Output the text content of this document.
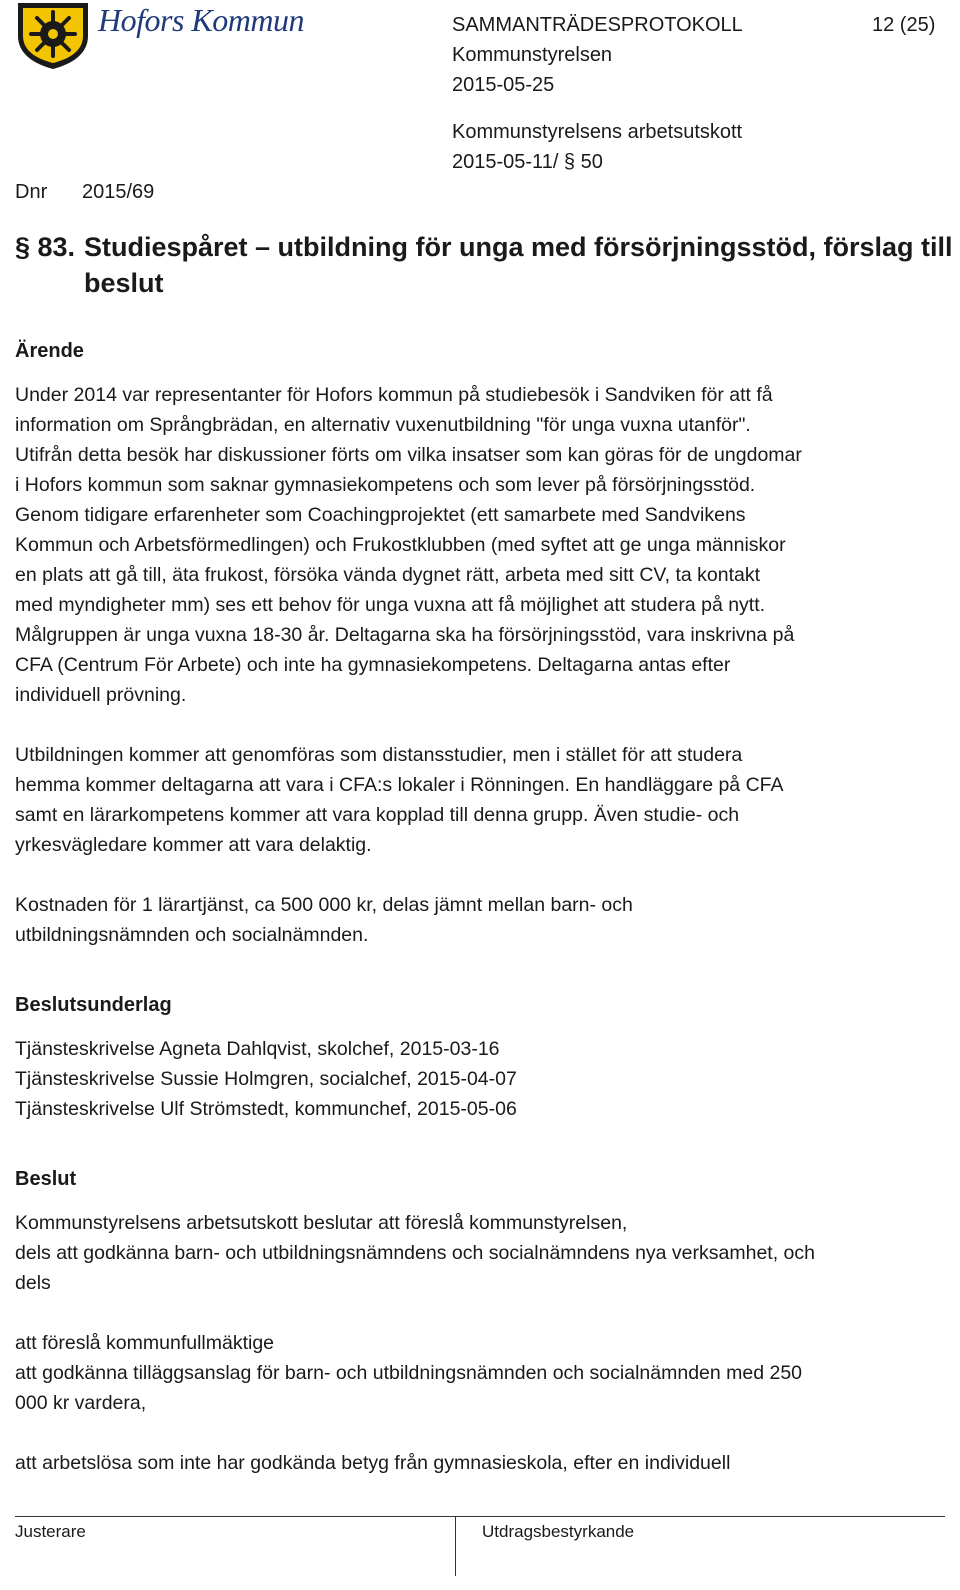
Hofors Kommun	SAMMANTRÄDESPROTOKOLL	12 (25)
Kommunstyrelsen
2015-05-25
Kommunstyrelsens arbetsutskott
2015-05-11/ § 50
Dnr 2015/69
§ 83. Studiespåret – utbildning för unga med försörjningsstöd, förslag till
beslut
Ärende
Under 2014 var representanter för Hofors kommun på studiebesök i Sandviken för att få
information om Språngbrädan, en alternativ vuxenutbildning "för unga vuxna utanför".
Utifrån detta besök har diskussioner förts om vilka insatser som kan göras för de ungdomar
i Hofors kommun som saknar gymnasiekompetens och som lever på försörjningsstöd.
Genom tidigare erfarenheter som Coachingprojektet (ett samarbete med Sandvikens
Kommun och Arbetsförmedlingen) och Frukostklubben (med syftet att ge unga människor
en plats att gå till, äta frukost, försöka vända dygnet rätt, arbeta med sitt CV, ta kontakt
med myndigheter mm) ses ett behov för unga vuxna att få möjlighet att studera på nytt.
Målgruppen är unga vuxna 18-30 år. Deltagarna ska ha försörjningsstöd, vara inskrivna på
CFA (Centrum För Arbete) och inte ha gymnasiekompetens. Deltagarna antas efter
individuell prövning.
Utbildningen kommer att genomföras som distansstudier, men i stället för att studera
hemma kommer deltagarna att vara i CFA:s lokaler i Rönningen. En handläggare på CFA
samt en lärarkompetens kommer att vara kopplad till denna grupp. Även studie- och
yrkesvägledare kommer att vara delaktig.
Kostnaden för 1 lärartjänst, ca 500 000 kr, delas jämnt mellan barn- och
utbildningsnämnden och socialnämnden.
Beslutsunderlag
Tjänsteskrivelse Agneta Dahlqvist, skolchef, 2015-03-16
Tjänsteskrivelse Sussie Holmgren, socialchef, 2015-04-07
Tjänsteskrivelse Ulf Strömstedt, kommunchef, 2015-05-06
Beslut
Kommunstyrelsens arbetsutskott beslutar att föreslå kommunstyrelsen,
dels att godkänna barn- och utbildningsnämndens och socialnämndens nya verksamhet, och
dels
att föreslå kommunfullmäktige
att godkänna tilläggsanslag för barn- och utbildningsnämnden och socialnämnden med 250
000 kr vardera,
att arbetslösa som inte har godkända betyg från gymnasieskola, efter en individuell
Justerare	Utdragsbestyrkande
